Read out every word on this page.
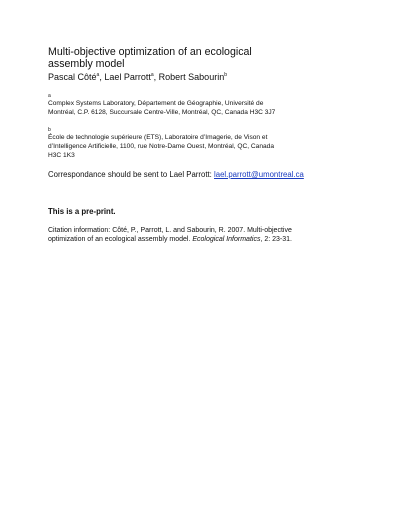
Multi-objective optimization of an ecological
assembly model
Pascal Côté$^a$, Lael Parrott$^a$, Robert Sabourin$^b$
a
Complex Systems Laboratory, Département de Géographie, Université de
Montréal, C.P. 6128, Succursale Centre-Ville, Montréal, QC, Canada H3C 3J7
b
École de technologie supérieure (ETS), Laboratoire d’Imagerie, de Vison et
d’Intelligence Artificielle, 1100, rue Notre-Dame Ouest, Montréal, QC, Canada
H3C 1K3
Correspondance should be sent to Lael Parrott: lael.parrott@umontreal.ca
This is a pre-print.
Citation information: Côté, P., Parrott, L. and Sabourin, R. 2007. Multi-objective
optimization of an ecological assembly model. Ecological Informatics, 2: 23-31.
